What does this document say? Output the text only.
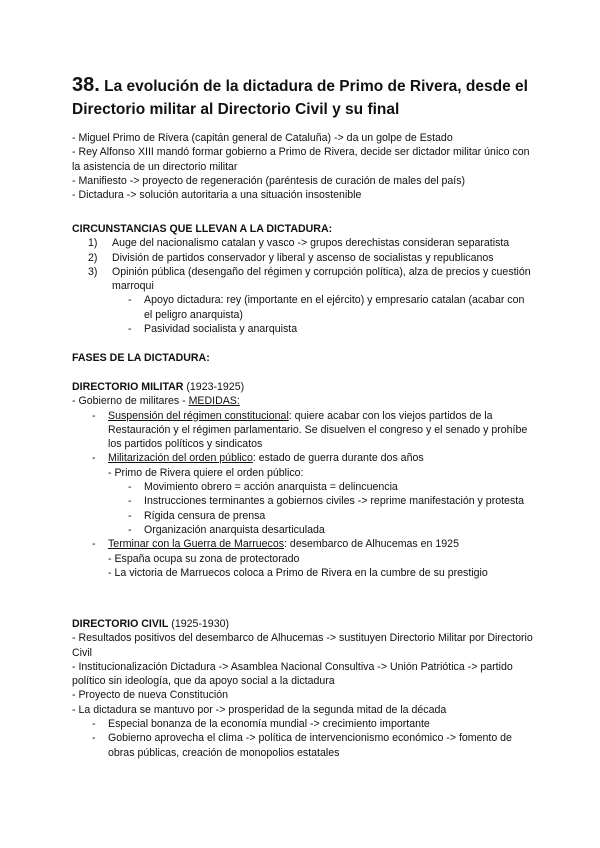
38. La evolución de la dictadura de Primo de Rivera, desde el Directorio militar al Directorio Civil y su final

- Miguel Primo de Rivera (capitán general de Cataluña) -> da un golpe de Estado

- Rey Alfonso XIII mandó formar gobierno a Primo de Rivera, decide ser dictador militar único con la asistencia de un directorio militar

- Manifiesto -> proyecto de regeneración (paréntesis de curación de males del país)

- Dictadura -> solución autoritaria a una situación insostenible

CIRCUNSTANCIAS QUE LLEVAN A LA DICTADURA:

1) Auge del nacionalismo catalan y vasco -> grupos derechistas consideran separatista
2) División de partidos conservador y liberal y ascenso de socialistas y republicanos
3) Opinión pública (desengaño del régimen y corrupción política), alza de precios y cuestión marroqui
- Apoyo dictadura: rey (importante en el ejército) y empresario catalan (acabar con el peligro anarquista)
- Pasividad socialista y anarquista

FASES DE LA DICTADURA:

DIRECTORIO MILITAR (1923-1925)

- Gobierno de militares - MEDIDAS:

- Suspensión del régimen constitucional: quiere acabar con los viejos partidos de la Restauración y el régimen parlamentario. Se disuelven el congreso y el senado y prohíbe los partidos políticos y sindicatos
- Militarización del orden público: estado de guerra durante dos años

- Primo de Rivera quiere el orden público:

- Movimiento obrero = acción anarquista = delincuencia
- Instrucciones terminantes a gobiernos civiles -> reprime manifestación y protesta
- Rígida censura de prensa
- Organización anarquista desarticulada
- Terminar con la Guerra de Marruecos: desembarco de Alhucemas en 1925

- España ocupa su zona de protectorado

- La victoria de Marruecos coloca a Primo de Rivera en la cumbre de su prestigio

DIRECTORIO CIVIL (1925-1930)

- Resultados positivos del desembarco de Alhucemas -> sustituyen Directorio Militar por Directorio Civil

- Institucionalización Dictadura -> Asamblea Nacional Consultiva -> Unión Patriótica -> partido político sin ideología, que da apoyo social a la dictadura

- Proyecto de nueva Constitución

- La dictadura se mantuvo por -> prosperidad de la segunda mitad de la década

- Especial bonanza de la economía mundial -> crecimiento importante
- Gobierno aprovecha el clima -> política de intervencionismo económico -> fomento de obras públicas, creación de monopolios estatales
